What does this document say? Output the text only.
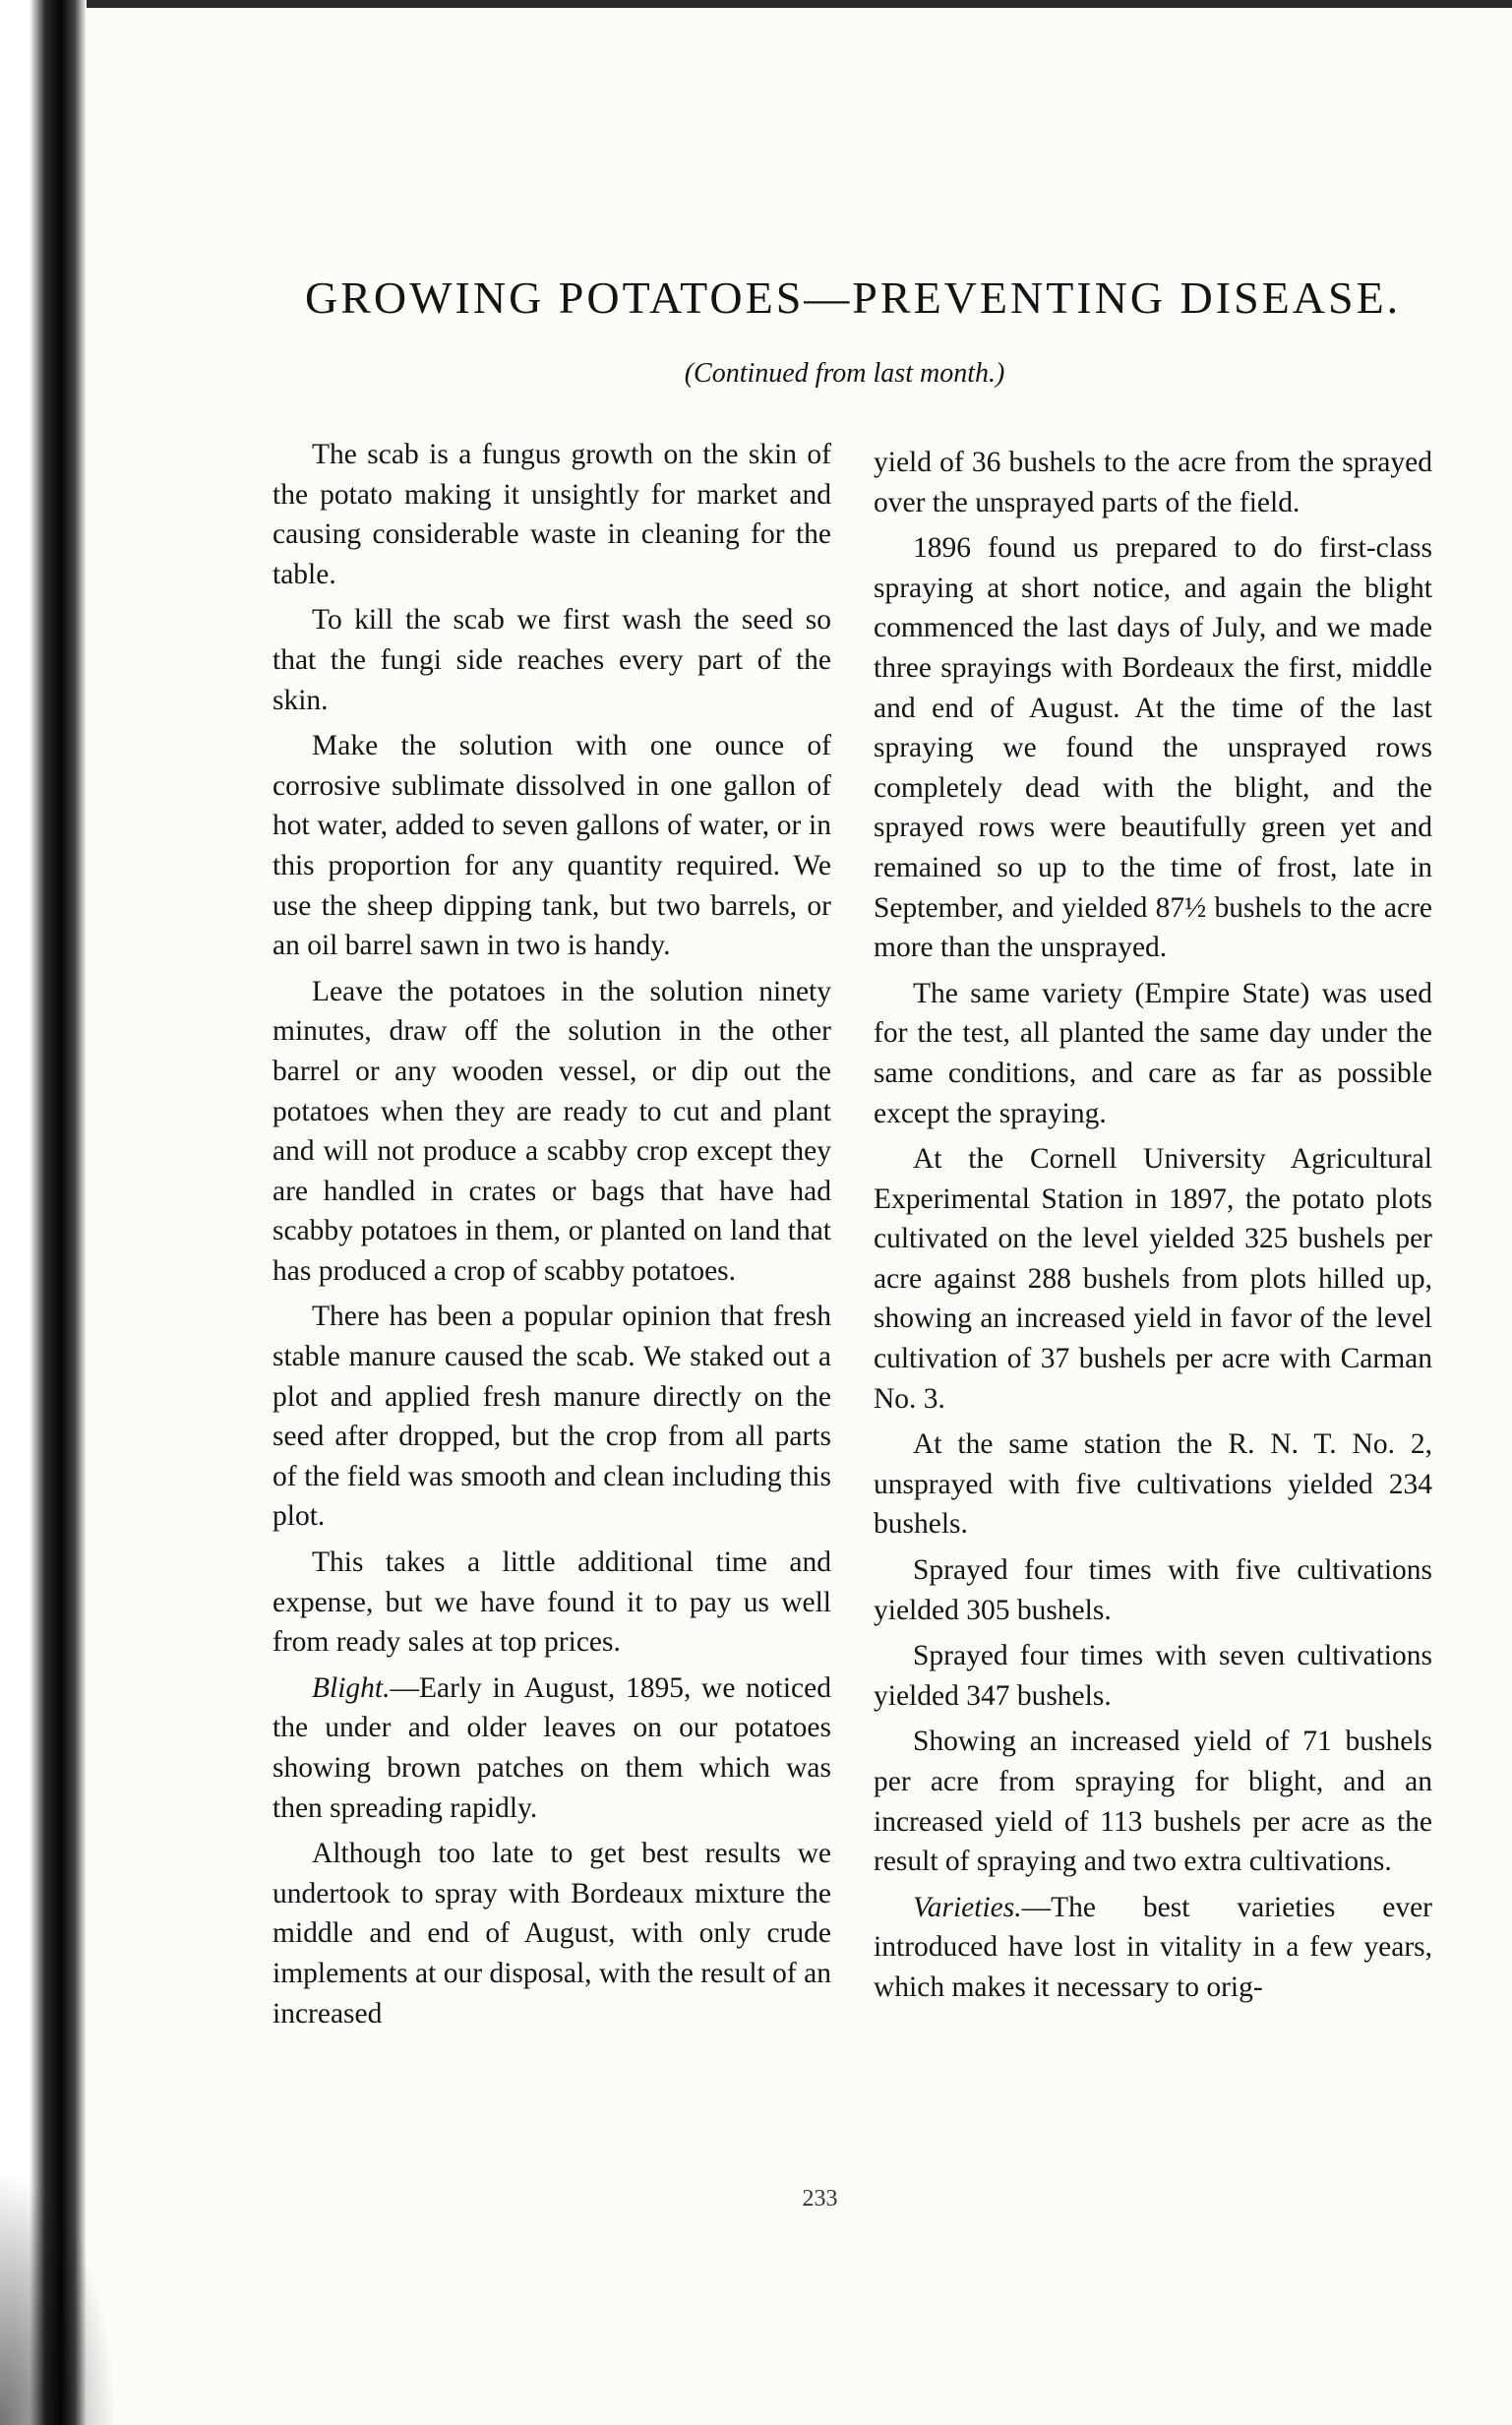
GROWING POTATOES—PREVENTING DISEASE.
(Continued from last month.)

The scab is a fungus growth on the skin of the potato making it unsightly for market and causing considerable waste in cleaning for the table.

To kill the scab we first wash the seed so that the fungi side reaches every part of the skin.

Make the solution with one ounce of corrosive sublimate dissolved in one gallon of hot water, added to seven gallons of water, or in this proportion for any quantity required. We use the sheep dipping tank, but two barrels, or an oil barrel sawn in two is handy.

Leave the potatoes in the solution ninety minutes, draw off the solution in the other barrel or any wooden vessel, or dip out the potatoes when they are ready to cut and plant and will not produce a scabby crop except they are handled in crates or bags that have had scabby potatoes in them, or planted on land that has produced a crop of scabby potatoes.

There has been a popular opinion that fresh stable manure caused the scab. We staked out a plot and applied fresh manure directly on the seed after dropped, but the crop from all parts of the field was smooth and clean including this plot.

This takes a little additional time and expense, but we have found it to pay us well from ready sales at top prices.

Blight.—Early in August, 1895, we noticed the under and older leaves on our potatoes showing brown patches on them which was then spreading rapidly.

Although too late to get best results we undertook to spray with Bordeaux mixture the middle and end of August, with only crude implements at our disposal, with the result of an increased

yield of 36 bushels to the acre from the sprayed over the unsprayed parts of the field.

1896 found us prepared to do first-class spraying at short notice, and again the blight commenced the last days of July, and we made three sprayings with Bordeaux the first, middle and end of August. At the time of the last spraying we found the unsprayed rows completely dead with the blight, and the sprayed rows were beautifully green yet and remained so up to the time of frost, late in September, and yielded 87½ bushels to the acre more than the unsprayed.

The same variety (Empire State) was used for the test, all planted the same day under the same conditions, and care as far as possible except the spraying.

At the Cornell University Agricultural Experimental Station in 1897, the potato plots cultivated on the level yielded 325 bushels per acre against 288 bushels from plots hilled up, showing an increased yield in favor of the level cultivation of 37 bushels per acre with Carman No. 3.

At the same station the R. N. T. No. 2, unsprayed with five cultivations yielded 234 bushels.

Sprayed four times with five cultivations yielded 305 bushels.

Sprayed four times with seven cultivations yielded 347 bushels.

Showing an increased yield of 71 bushels per acre from spraying for blight, and an increased yield of 113 bushels per acre as the result of spraying and two extra cultivations.

Varieties.—The best varieties ever introduced have lost in vitality in a few years, which makes it necessary to orig-

233
